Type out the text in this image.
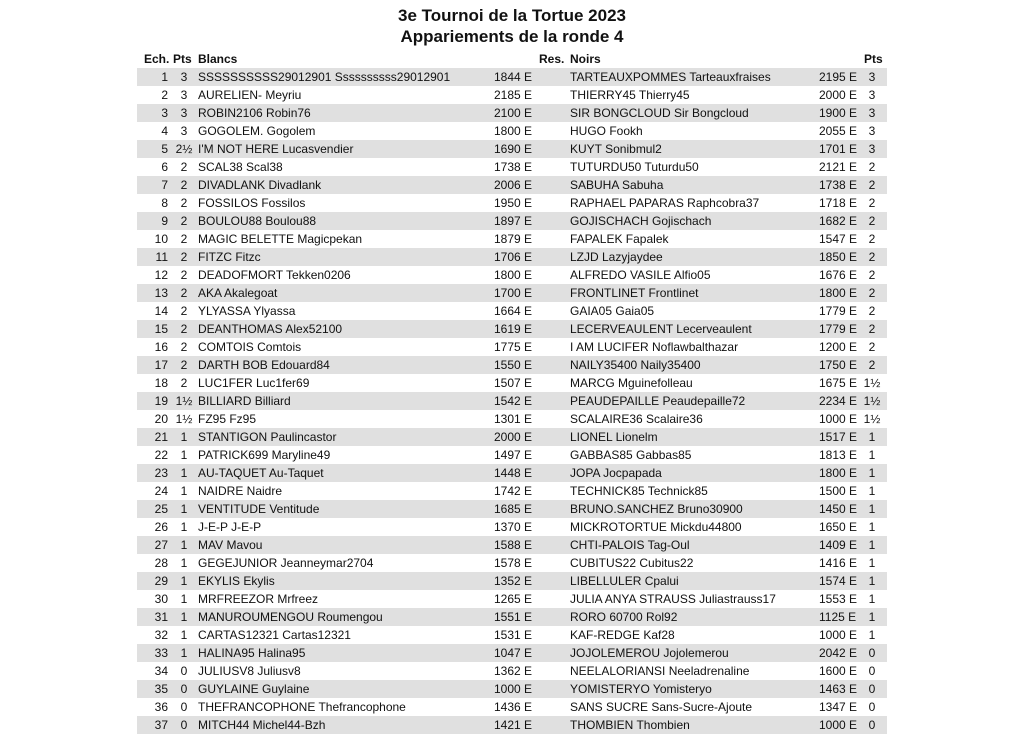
3e Tournoi de la Tortue 2023
Appariements de la ronde 4
Ech. Pts Blancs	Res. Noirs	Pts
1	3 SSSSSSSSSS29012901 Ssssssssss29012901	1844 E	TARTEAUXPOMMES Tarteauxfraises	2195 E 3
2	3 AURELIEN- Meyriu	2185 E	THIERRY45 Thierry45	2000 E 3
3	3 ROBIN2106 Robin76	2100 E	SIR BONGCLOUD Sir Bongcloud	1900 E 3
4	3 GOGOLEM. Gogolem	1800 E	HUGO Fookh	2055 E 3
5 2½ I'M NOT HERE Lucasvendier	1690 E	KUYT Sonibmul2	1701 E 3
6	2 SCAL38 Scal38	1738 E	TUTURDU50 Tuturdu50	2121 E 2
7	2 DIVADLANK Divadlank	2006 E	SABUHA Sabuha	1738 E 2
8	2 FOSSILOS Fossilos	1950 E	RAPHAEL PAPARAS Raphcobra37	1718 E 2
9	2 BOULOU88 Boulou88	1897 E	GOJISCHACH Gojischach	1682 E 2
10	2 MAGIC BELETTE Magicpekan	1879 E	FAPALEK Fapalek	1547 E 2
11	2 FITZC Fitzc	1706 E	LZJD Lazyjaydee	1850 E 2
12	2 DEADOFMORT Tekken0206	1800 E	ALFREDO VASILE Alfio05	1676 E 2
13	2 AKA Akalegoat	1700 E	FRONTLINET Frontlinet	1800 E 2
14	2 YLYASSA Ylyassa	1664 E	GAIA05 Gaia05	1779 E 2
15	2 DEANTHOMAS Alex52100	1619 E	LECERVEAULENT Lecerveaulent	1779 E 2
16	2 COMTOIS Comtois	1775 E	I AM LUCIFER Noflawbalthazar	1200 E 2
17	2 DARTH BOB Edouard84	1550 E	NAILY35400 Naily35400	1750 E 2
18	2 LUC1FER Luc1fer69	1507 E	MARCG Mguinefolleau	1675 E 1½
19 1½ BILLIARD Billiard	1542 E	PEAUDEPAILLE Peaudepaille72	2234 E 1½
20 1½ FZ95 Fz95	1301 E	SCALAIRE36 Scalaire36	1000 E 1½
21	1 STANTIGON Paulincastor	2000 E	LIONEL Lionelm	1517 E 1
22	1 PATRICK699 Maryline49	1497 E	GABBAS85 Gabbas85	1813 E 1
23	1 AU-TAQUET Au-Taquet	1448 E	JOPA Jocpapada	1800 E 1
24	1 NAIDRE Naidre	1742 E	TECHNICK85 Technick85	1500 E 1
25	1 VENTITUDE Ventitude	1685 E	BRUNO.SANCHEZ Bruno30900	1450 E 1
26	1 J-E-P J-E-P	1370 E	MICKROTORTUE Mickdu44800	1650 E 1
27	1 MAV Mavou	1588 E	CHTI-PALOIS Tag-Oul	1409 E 1
28	1 GEGEJUNIOR Jeanneymar2704	1578 E	CUBITUS22 Cubitus22	1416 E 1
29	1 EKYLIS Ekylis	1352 E	LIBELLULER Cpalui	1574 E 1
30	1 MRFREEZOR Mrfreez	1265 E	JULIA ANYA STRAUSS Juliastrauss17	1553 E 1
31	1 MANUROUMENGOU Roumengou	1551 E	RORO 60700 Rol92	1125 E	1
32	1 CARTAS12321 Cartas12321	1531 E	KAF-REDGE Kaf28	1000 E 1
33	1 HALINA95 Halina95	1047 E	JOJOLEMEROU Jojolemerou	2042 E 0
34	0 JULIUSV8 Juliusv8	1362 E	NEELALORIANSI Neeladrenaline	1600 E 0
35	0 GUYLAINE Guylaine	1000 E	YOMISTERYO Yomisteryo	1463 E 0
36	0 THEFRANCOPHONE Thefrancophone	1436 E	SANS SUCRE Sans-Sucre-Ajoute	1347 E 0
37	0 MITCH44 Michel44-Bzh	1421 E	THOMBIEN Thombien	1000 E 0
